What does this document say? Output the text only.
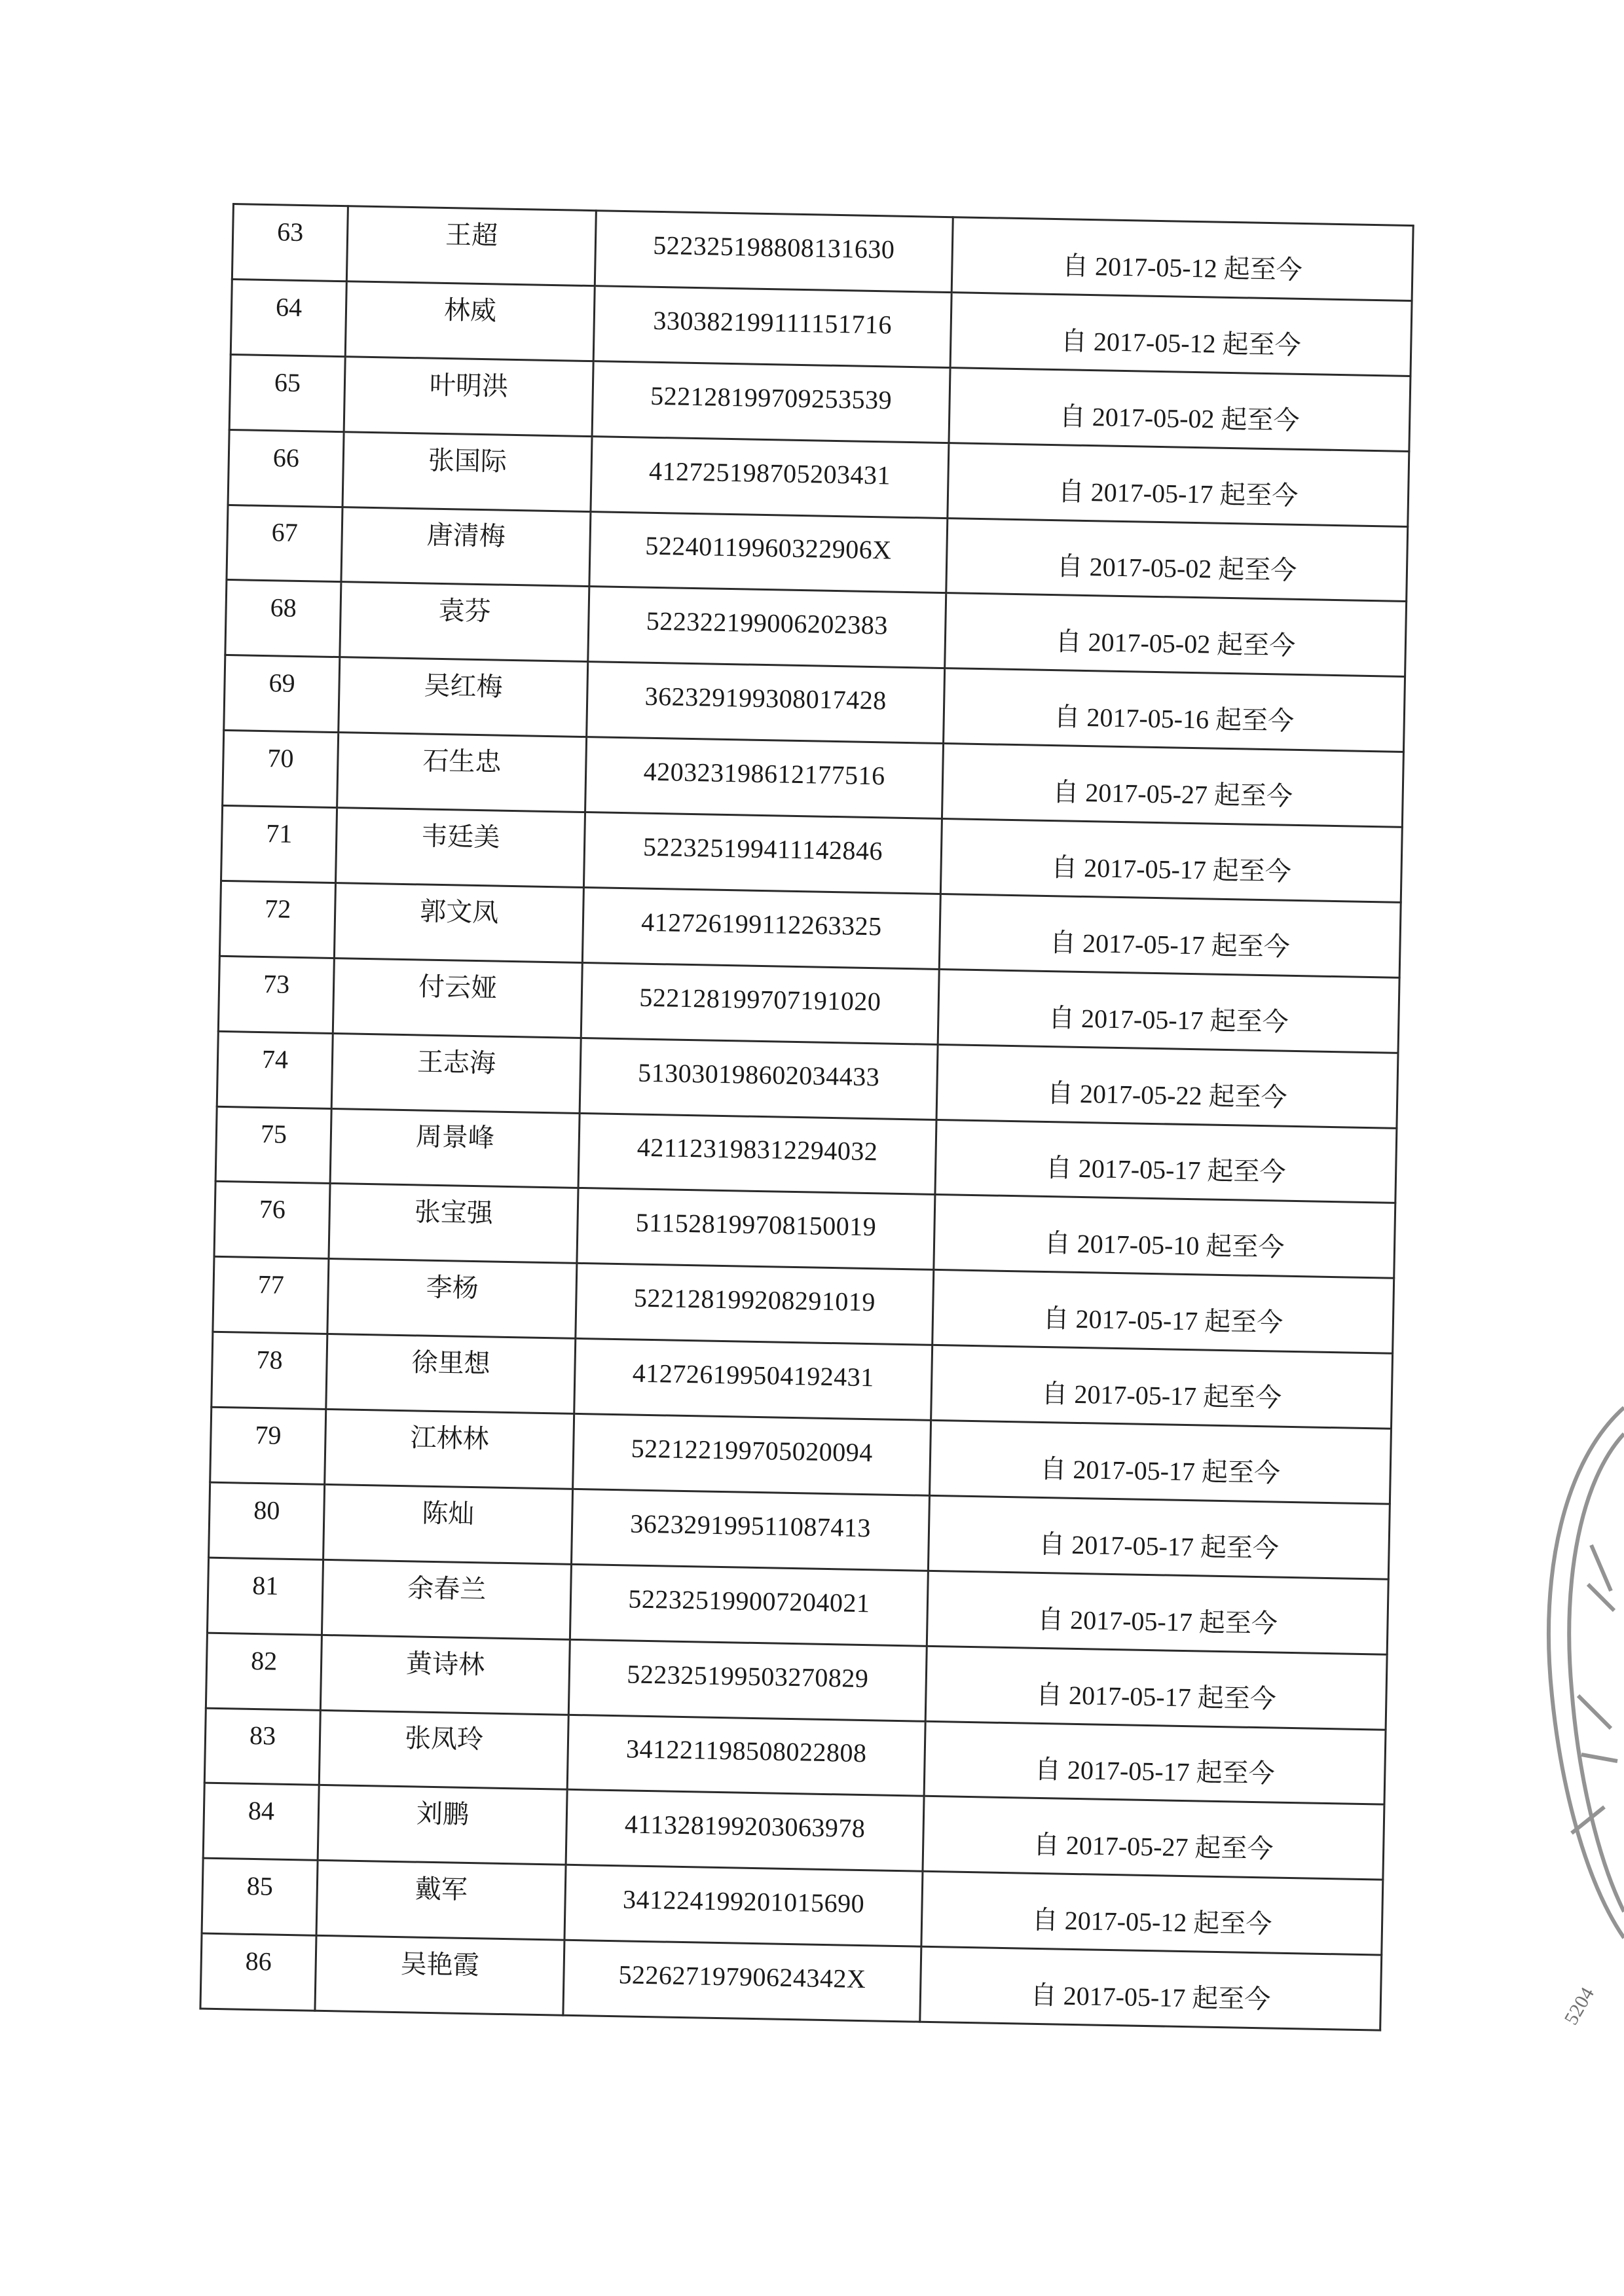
63	王超	522325198808131630	自 2017-05-12 起至今
64	林威	330382199111151716	自 2017-05-12 起至今
65	叶明洪	522128199709253539	自 2017-05-02 起至今
66	张国际	412725198705203431	自 2017-05-17 起至今
67	唐清梅	52240119960322906X	自 2017-05-02 起至今
68	袁芬	522322199006202383	自 2017-05-02 起至今
69	吴红梅	362329199308017428	自 2017-05-16 起至今
70	石生忠	420323198612177516	自 2017-05-27 起至今
71	韦廷美	522325199411142846	自 2017-05-17 起至今
72	郭文凤	412726199112263325	自 2017-05-17 起至今
73	付云娅	522128199707191020	自 2017-05-17 起至今
74	王志海	513030198602034433	自 2017-05-22 起至今
75	周景峰	421123198312294032	自 2017-05-17 起至今
76	张宝强	511528199708150019	自 2017-05-10 起至今
77	李杨	522128199208291019	自 2017-05-17 起至今
78	徐里想	412726199504192431	自 2017-05-17 起至今
79	江林林	522122199705020094	自 2017-05-17 起至今
80	陈灿	362329199511087413	自 2017-05-17 起至今
81	余春兰	522325199007204021	自 2017-05-17 起至今
82	黄诗林	522325199503270829	自 2017-05-17 起至今
83	张凤玲	341221198508022808	自 2017-05-17 起至今
84	刘鹏	411328199203063978	自 2017-05-27 起至今
85	戴军	341224199201015690	自 2017-05-12 起至今
86	吴艳霞	52262719790624342X	自 2017-05-17 起至今	5204
